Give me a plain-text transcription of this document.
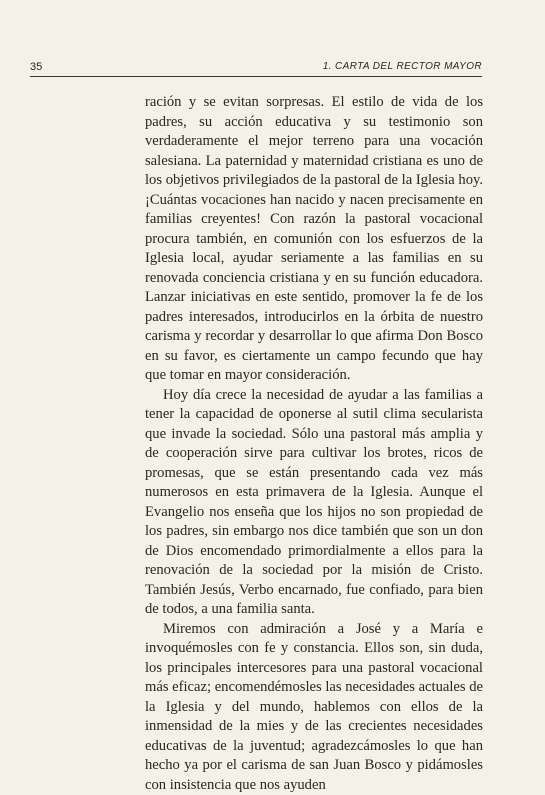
35	1. CARTA DEL RECTOR MAYOR

ración y se evitan sorpresas. El estilo de vida de los padres, su acción educativa y su testimonio son verdaderamente el mejor terreno para una vocación salesiana. La paternidad y maternidad cristiana es uno de los objetivos privilegiados de la pastoral de la Iglesia hoy. ¡Cuántas vocaciones han nacido y nacen precisamente en familias creyentes! Con razón la pastoral vocacional procura también, en comunión con los esfuerzos de la Iglesia local, ayudar seriamente a las familias en su renovada conciencia cristiana y en su función educadora. Lanzar iniciativas en este sentido, promover la fe de los padres interesados, introducirlos en la órbita de nuestro carisma y recordar y desarrollar lo que afirma Don Bosco en su favor, es ciertamente un campo fecundo que hay que tomar en mayor consideración.

Hoy día crece la necesidad de ayudar a las familias a tener la capacidad de oponerse al sutil clima secularista que invade la sociedad. Sólo una pastoral más amplia y de cooperación sirve para cultivar los brotes, ricos de promesas, que se están presentando cada vez más numerosos en esta primavera de la Iglesia. Aunque el Evangelio nos enseña que los hijos no son propiedad de los padres, sin embargo nos dice también que son un don de Dios encomendado primordialmente a ellos para la renovación de la sociedad por la misión de Cristo. También Jesús, Verbo encarnado, fue confiado, para bien de todos, a una familia santa.

Miremos con admiración a José y a María e invoquémosles con fe y constancia. Ellos son, sin duda, los principales intercesores para una pastoral vocacional más eficaz; encomendémosles las necesidades actuales de la Iglesia y del mundo, hablemos con ellos de la inmensidad de la mies y de las crecientes necesidades educativas de la juventud; agradezcámosles lo que han hecho ya por el carisma de san Juan Bosco y pidámosles con insistencia que nos ayuden
